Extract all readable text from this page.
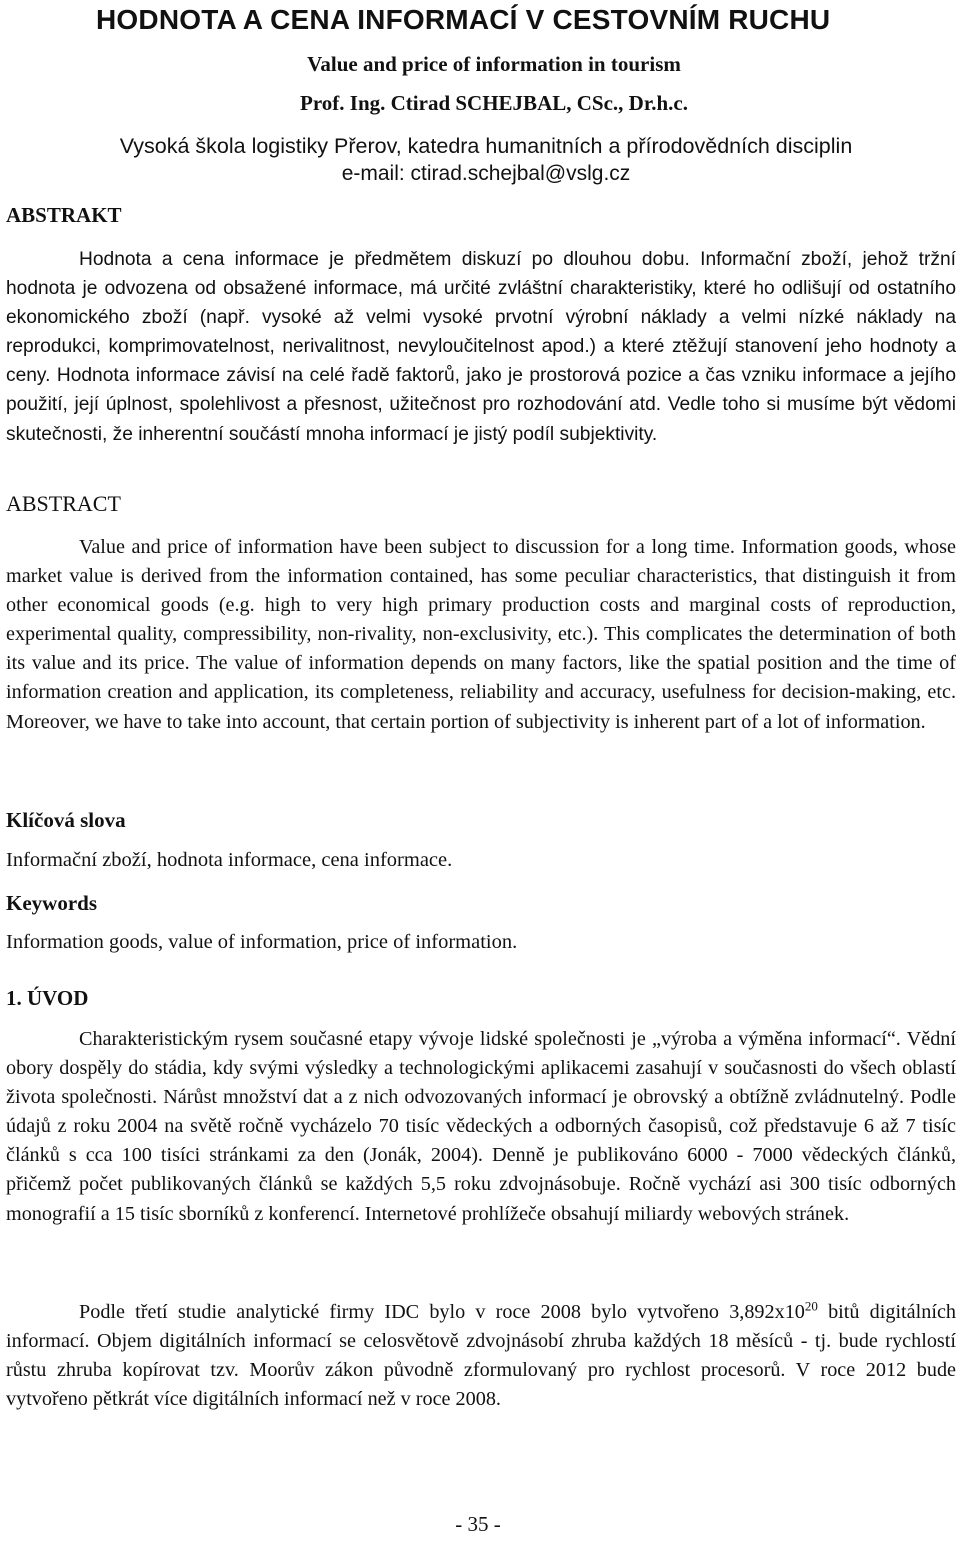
HODNOTA A CENA INFORMACÍ V CESTOVNÍM RUCHU
Value and price of information in tourism
Prof. Ing. Ctirad SCHEJBAL, CSc., Dr.h.c.
Vysoká škola logistiky Přerov, katedra humanitních a přírodovědních disciplin
e-mail: ctirad.schejbal@vslg.cz
ABSTRAKT

Hodnota a cena informace je předmětem diskuzí po dlouhou dobu. Informační zboží, jehož tržní hodnota je odvozena od obsažené informace, má určité zvláštní charakteristiky, které ho odlišují od ostatního ekonomického zboží (např. vysoké až velmi vysoké prvotní výrobní náklady a velmi nízké náklady na reprodukci, komprimovatelnost, nerivalitnost, nevyloučitelnost apod.) a které ztěžují stanovení jeho hodnoty a ceny. Hodnota informace závisí na celé řadě faktorů, jako je prostorová pozice a čas vzniku informace a jejího použití, její úplnost, spolehlivost a přesnost, užitečnost pro rozhodování atd. Vedle toho si musíme být vědomi skutečnosti, že inherentní součástí mnoha informací je jistý podíl subjektivity.

ABSTRACT

Value and price of information have been subject to discussion for a long time. Information goods, whose market value is derived from the information contained, has some peculiar characteristics, that distinguish it from other economical goods (e.g. high to very high primary production costs and marginal costs of reproduction, experimental quality, compressibility, non-rivality, non-exclusivity, etc.). This complicates the determination of both its value and its price. The value of information depends on many factors, like the spatial position and the time of information creation and application, its completeness, reliability and accuracy, usefulness for decision-making, etc. Moreover, we have to take into account, that certain portion of subjectivity is inherent part of a lot of information.

Klíčová slova
Informační zboží, hodnota informace, cena informace.
Keywords
Information goods, value of information, price of information.
1. ÚVOD

Charakteristickým rysem současné etapy vývoje lidské společnosti je „výroba a výměna informací“. Vědní obory dospěly do stádia, kdy svými výsledky a technologickými aplikacemi zasahují v současnosti do všech oblastí života společnosti. Nárůst množství dat a z nich odvozovaných informací je obrovský a obtížně zvládnutelný. Podle údajů z roku 2004 na světě ročně vycházelo 70 tisíc vědeckých a odborných časopisů, což představuje 6 až 7 tisíc článků s cca 100 tisíci stránkami za den (Jonák, 2004). Denně je publikováno 6000 - 7000 vědeckých článků, přičemž počet publikovaných článků se každých 5,5 roku zdvojnásobuje. Ročně vychází asi 300 tisíc odborných monografií a 15 tisíc sborníků z konferencí. Internetové prohlížeče obsahují miliardy webových stránek.

Podle třetí studie analytické firmy IDC bylo v roce 2008 bylo vytvořeno $3,892x10^{20}$ bitů digitálních informací. Objem digitálních informací se celosvětově zdvojnásobí zhruba každých 18 měsíců - tj. bude rychlostí růstu zhruba kopírovat tzv. Moorův zákon původně zformulovaný pro rychlost procesorů. V roce 2012 bude vytvořeno pětkrát více digitálních informací než v roce 2008.

- 35 -
